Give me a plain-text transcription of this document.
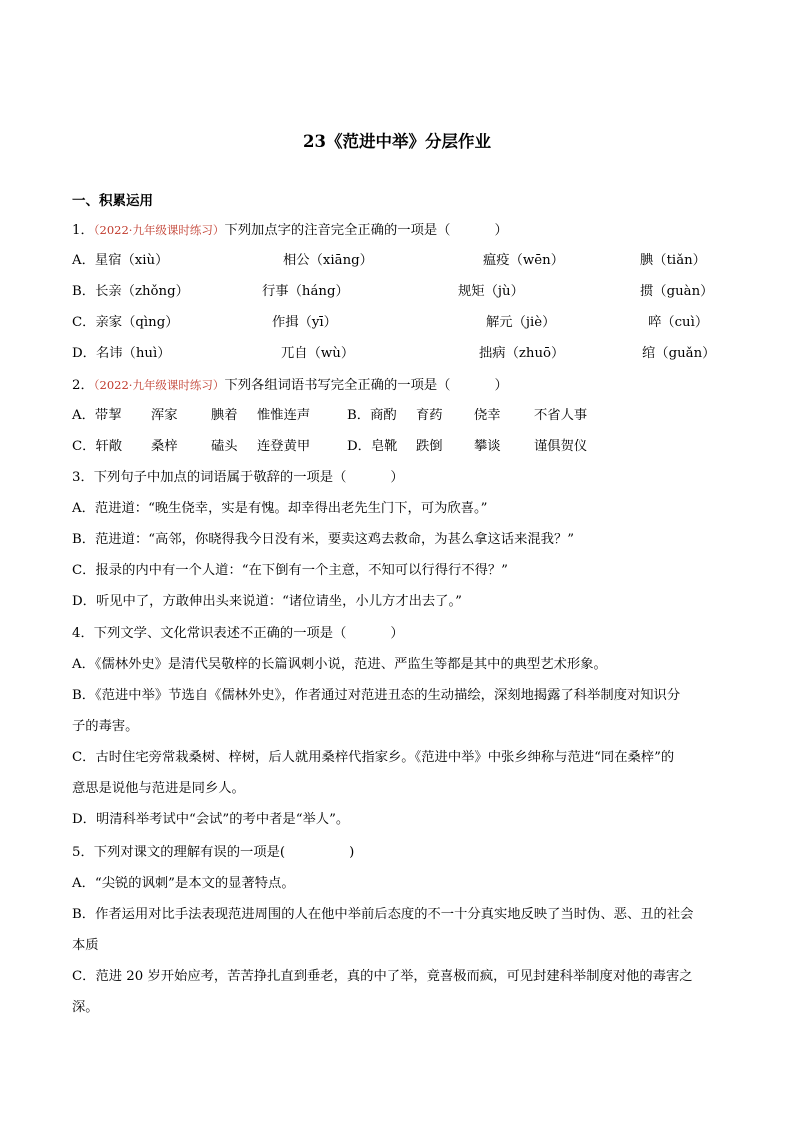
23《范进中举》分层作业
一、积累运用
1．（2022·九年级课时练习）下列加点字的注音完全正确的一项是（	）
A．星宿（xiù）	相公（xiāng）	瘟疫（wēn）	腆（tiǎn）
B．长亲（zhǒng）	行事（háng）	规矩（jù）	掼（guàn）
C．亲家（qìng）	作揖（yī）	解元（jiè）	啐（cuì）
D．名讳（huì）	兀自（wù）	拙病（zhuō）	绾（guǎn）
2．（2022·九年级课时练习）下列各组词语书写完全正确的一项是（	）
A．带挈 浑家	腆着 惟惟连声	B．商酌 育药 侥幸	不省人事
C．轩敞 桑梓	磕头 连登黄甲	D．皂靴 跌倒 攀谈	谨俱贺仪
3．下列句子中加点的词语属于敬辞的一项是（	）
A．范进道：“晚生侥幸，实是有愧。却幸得出老先生门下，可为欣喜。”
B．范进道：“高邻，你晓得我今日没有米，要卖这鸡去救命，为甚么拿这话来混我？”
C．报录的内中有一个人道：“在下倒有一个主意，不知可以行得行不得？”
D．听见中了，方敢伸出头来说道：“诸位请坐，小儿方才出去了。”
4．下列文学、文化常识表述不正确的一项是（	）
A．《儒林外史》是清代吴敬梓的长篇讽刺小说，范进、严监生等都是其中的典型艺术形象。
B．《范进中举》节选自《儒林外史》，作者通过对范进丑态的生动描绘，深刻地揭露了科举制度对知识分
子的毒害。
C．古时住宅旁常栽桑树、梓树，后人就用桑梓代指家乡。《范进中举》中张乡绅称与范进“同在桑梓”的
意思是说他与范进是同乡人。
D．明清科举考试中“会试”的考中者是“举人”。
5．下列对课文的理解有误的一项是(	)
A．“尖锐的讽刺”是本文的显著特点。
B．作者运用对比手法表现范进周围的人在他中举前后态度的不一十分真实地反映了当时伪、恶、丑的社会
本质
C．范进 20 岁开始应考，苦苦挣扎直到垂老，真的中了举，竟喜极而疯，可见封建科举制度对他的毒害之
深。
